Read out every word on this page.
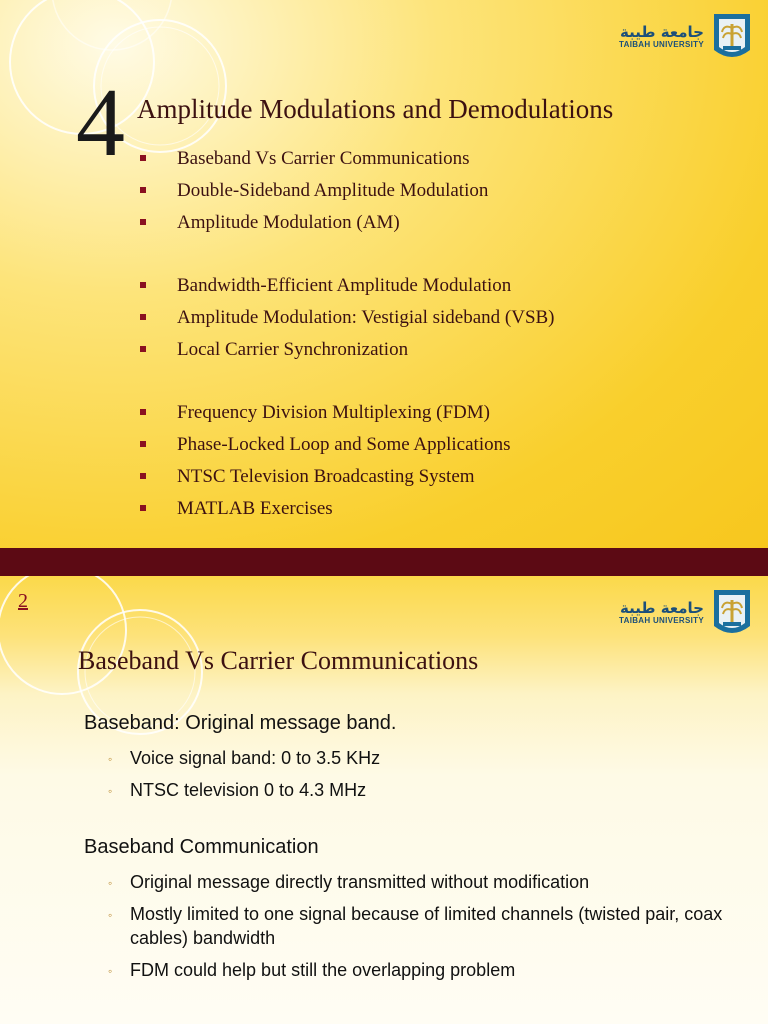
جامعة طيبة
TAIBAH UNIVERSITY
4 Amplitude Modulations and Demodulations
Baseband Vs Carrier Communications
Double-Sideband Amplitude Modulation
Amplitude Modulation (AM)
Bandwidth-Efficient Amplitude Modulation
Amplitude Modulation: Vestigial sideband (VSB)
Local Carrier Synchronization
Frequency Division Multiplexing (FDM)
Phase-Locked Loop and Some Applications
NTSC Television Broadcasting System
MATLAB Exercises
2	جامعة طيبة
TAIBAH UNIVERSITY
Baseband Vs Carrier Communications
Baseband: Original message band.
◦ Voice signal band: 0 to 3.5 KHz
◦ NTSC television 0 to 4.3 MHz
Baseband Communication
◦ Original message directly transmitted without modification
◦ Mostly limited to one signal because of limited channels (twisted pair, coax cables) bandwidth
◦ FDM could help but still the overlapping problem
